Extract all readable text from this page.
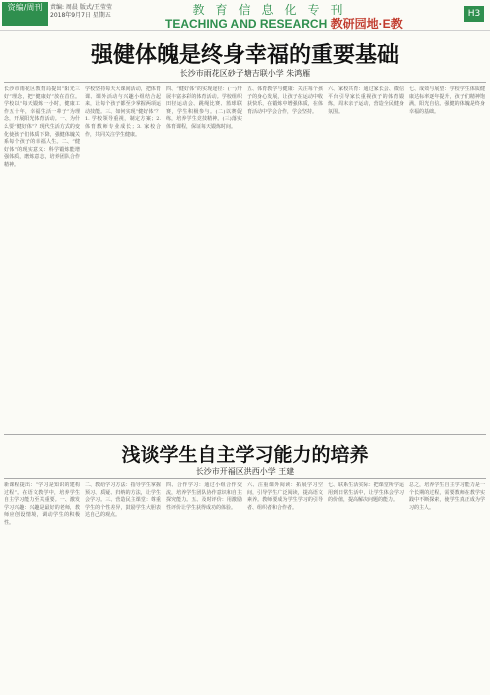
资编/周刊	责编: 周晨 版式/王莹莹
2018年9月7日 星期五	教育信息化专刊
TEACHING AND RESEARCH 教研园地·E教
H3
强健体魄是终身幸福的重要基础
长沙市雨花区砂子塘吉联小学 朱鸿雁
长沙市雨花区教育局提出“阳光三好”理念，把“健康好”放在首位。学校以“每天锻炼一小时，健康工作五十年，幸福生活一辈子”为理念，开展阳光体育活动。一、为什么要“健好体”？现代生活方式的变化使孩子们体质下降，强健体魄关系每个孩子的幸福人生。二、“健好体”的现实意义：科学锻炼能增强体质，磨炼意志，培养团队合作精神。
学校坚持每天大课间活动，把体育课、课外活动与兴趣小组结合起来，让每个孩子都至少掌握两项运动技能。三、如何实现“健好体”？1. 学校领导重视，制定方案；2. 体育教师专业成长；3. 家校合作，共同关注学生健康。
四、“健好体”的实现途径：(一)开展丰富多彩的体育活动。学校组织田径运动会、跳绳比赛、篮球联赛，学生积极参与。(二)以赛促练，培养学生竞技精神。(三)落实体育课程，保证每天锻炼时间。
五、体育教学与健康：关注每个孩子的身心发展，让孩子在运动中收获快乐，在锻炼中增强体质，在体育活动中学会合作，学会坚持。
六、家校共育：通过家长会、微信平台引导家长重视孩子的体育锻炼，周末亲子运动，营造全民健身氛围。
七、成效与展望：学校学生体质健康达标率逐年提升，孩子们精神饱满，阳光自信。强健的体魄是终身幸福的基础。
浅谈学生自主学习能力的培养
长沙市开福区洪西小学 王建
新课程提出：“学习是知识的建构过程”。在语文教学中，培养学生自主学习能力至关重要。一、激发学习兴趣：兴趣是最好的老师，教师应创设情境，调动学生的积极性。
二、教给学习方法：指导学生掌握预习、质疑、归纳的方法，让学生会学习。三、营造民主课堂：尊重学生的个性差异，鼓励学生大胆表达自己的观点。
四、合作学习：通过小组合作交流，培养学生团队协作意识和自主探究能力。五、及时评价：用激励性评价让学生获得成功的体验。
六、注重课外阅读：拓展学习空间，引导学生广泛阅读，提高语文素养。教师要成为学生学习的引导者、组织者和合作者。
七、联系生活实际：把课堂所学运用到日常生活中，让学生体会学习的价值，提高解决问题的能力。
总之，培养学生自主学习能力是一个长期的过程，需要教师在教学实践中不断探索，使学生真正成为学习的主人。
